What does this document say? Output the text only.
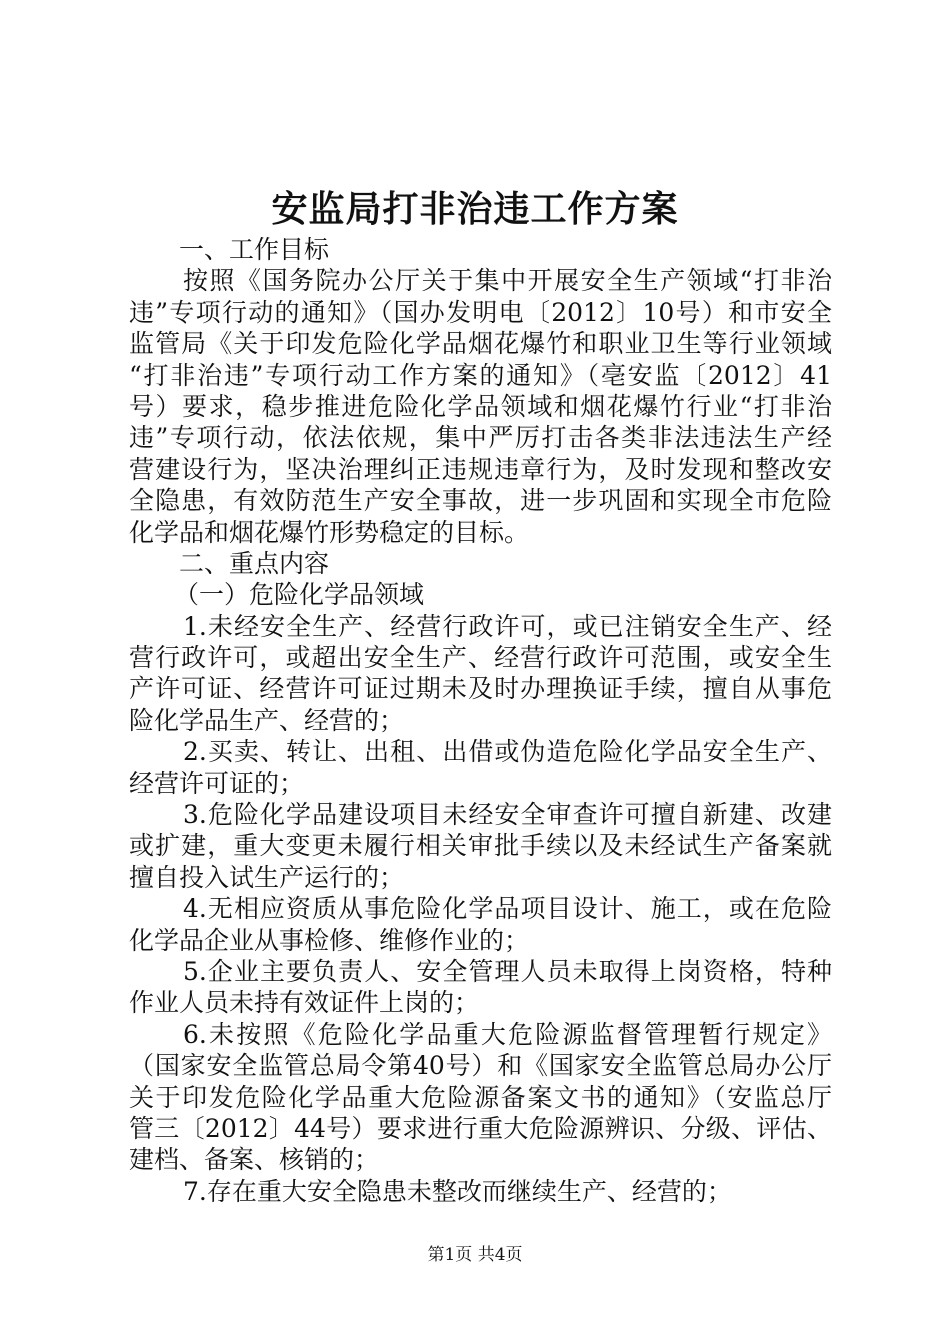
安监局打非治违工作方案
一、工作目标
按照《国务院办公厅关于集中开展安全生产领域“打非治
违”专项行动的通知》（国办发明电〔2012〕10号）和市安全
监管局《关于印发危险化学品烟花爆竹和职业卫生等行业领域
“打非治违”专项行动工作方案的通知》（亳安监〔2012〕41
号）要求，稳步推进危险化学品领域和烟花爆竹行业“打非治
违”专项行动，依法依规，集中严厉打击各类非法违法生产经
营建设行为，坚决治理纠正违规违章行为，及时发现和整改安
全隐患，有效防范生产安全事故，进一步巩固和实现全市危险
化学品和烟花爆竹形势稳定的目标。
二、重点内容
（一）危险化学品领域
1.未经安全生产、经营行政许可，或已注销安全生产、经
营行政许可，或超出安全生产、经营行政许可范围，或安全生
产许可证、经营许可证过期未及时办理换证手续，擅自从事危
险化学品生产、经营的；
2.买卖、转让、出租、出借或伪造危险化学品安全生产、
经营许可证的；
3.危险化学品建设项目未经安全审查许可擅自新建、改建
或扩建，重大变更未履行相关审批手续以及未经试生产备案就
擅自投入试生产运行的；
4.无相应资质从事危险化学品项目设计、施工，或在危险
化学品企业从事检修、维修作业的；
5.企业主要负责人、安全管理人员未取得上岗资格，特种
作业人员未持有效证件上岗的；
6.未按照《危险化学品重大危险源监督管理暂行规定》
（国家安全监管总局令第40号）和《国家安全监管总局办公厅
关于印发危险化学品重大危险源备案文书的通知》（安监总厅
管三〔2012〕44号）要求进行重大危险源辨识、分级、评估、
建档、备案、核销的；
7.存在重大安全隐患未整改而继续生产、经营的；
第1页 共4页
